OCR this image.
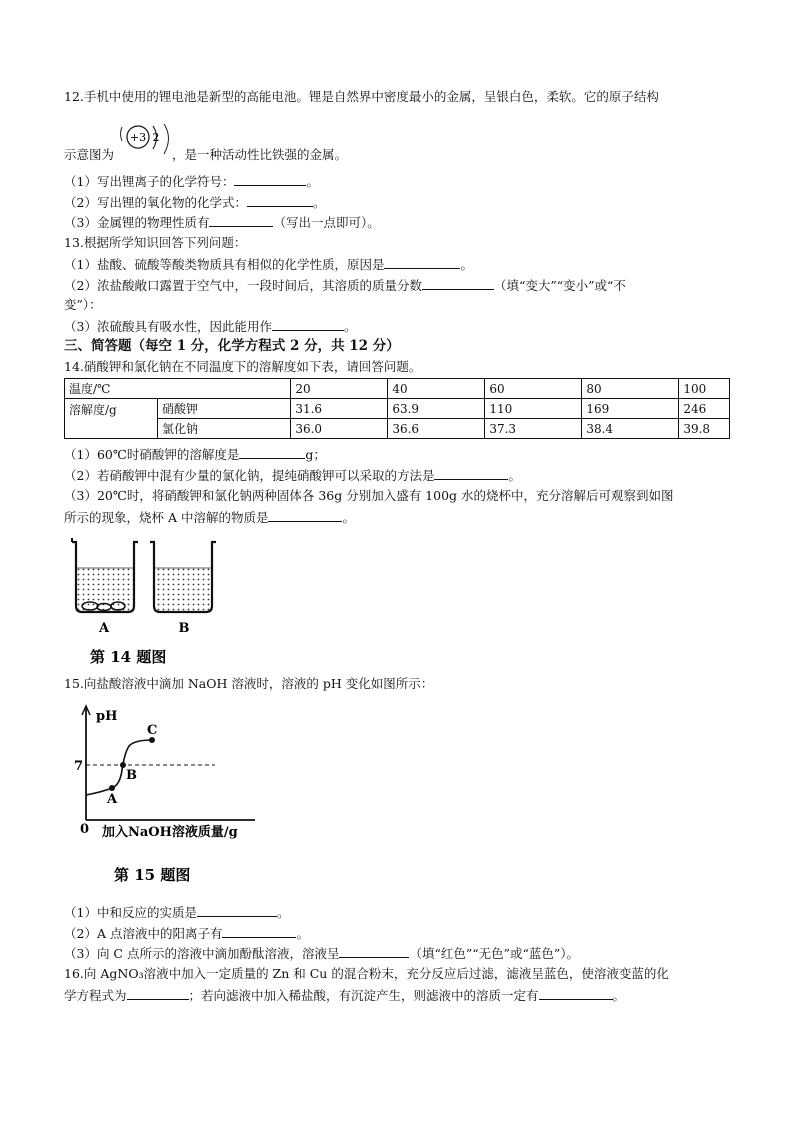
12.手机中使用的锂电池是新型的高能电池。锂是自然界中密度最小的金属，呈银白色，柔软。它的原子结构
+3 2
示意图为	，是一种活动性比铁强的金属。
（1）写出锂离子的化学符号：	。
（2）写出锂的氧化物的化学式：	。
（3）金属锂的物理性质有	（写出一点即可）。
13.根据所学知识回答下列问题：
（1）盐酸、硫酸等酸类物质具有相似的化学性质，原因是	。
（2）浓盐酸敞口露置于空气中，一段时间后，其溶质的质量分数	（填“变大”“变小”或“不
变”）：
（3）浓硫酸具有吸水性，因此能用作	。
三、简答题（每空 1 分，化学方程式 2 分，共 12 分）
14.硝酸钾和氯化钠在不同温度下的溶解度如下表，请回答问题。
温度/℃		20	40	60	80	100
溶解度/g	硝酸钾	31.6	63.9	110	169	246
	氯化钠	36.0	36.6	37.3	38.4	39.8
（1）60℃时硝酸钾的溶解度是	g；
（2）若硝酸钾中混有少量的氯化钠，提纯硝酸钾可以采取的方法是	。
（3）20℃时，将硝酸钾和氯化钠两种固体各 36g 分别加入盛有 100g 水的烧杯中，充分溶解后可观察到如图
所示的现象，烧杯 A 中溶解的物质是	。
A	B
第 14 题图
15.向盐酸溶液中滴加 NaOH 溶液时，溶液的 pH 变化如图所示：
pH
7
A
B
C
0 加入NaOH溶液质量/g
第 15 题图
（1）中和反应的实质是	。
（2）A 点溶液中的阳离子有	。
（3）向 C 点所示的溶液中滴加酚酞溶液，溶液呈	（填“红色”“无色”或“蓝色”）。
16.向 AgNO₃溶液中加入一定质量的 Zn 和 Cu 的混合粉末，充分反应后过滤，滤液呈蓝色，使溶液变蓝的化
学方程式为	；若向滤液中加入稀盐酸，有沉淀产生，则滤液中的溶质一定有	。
